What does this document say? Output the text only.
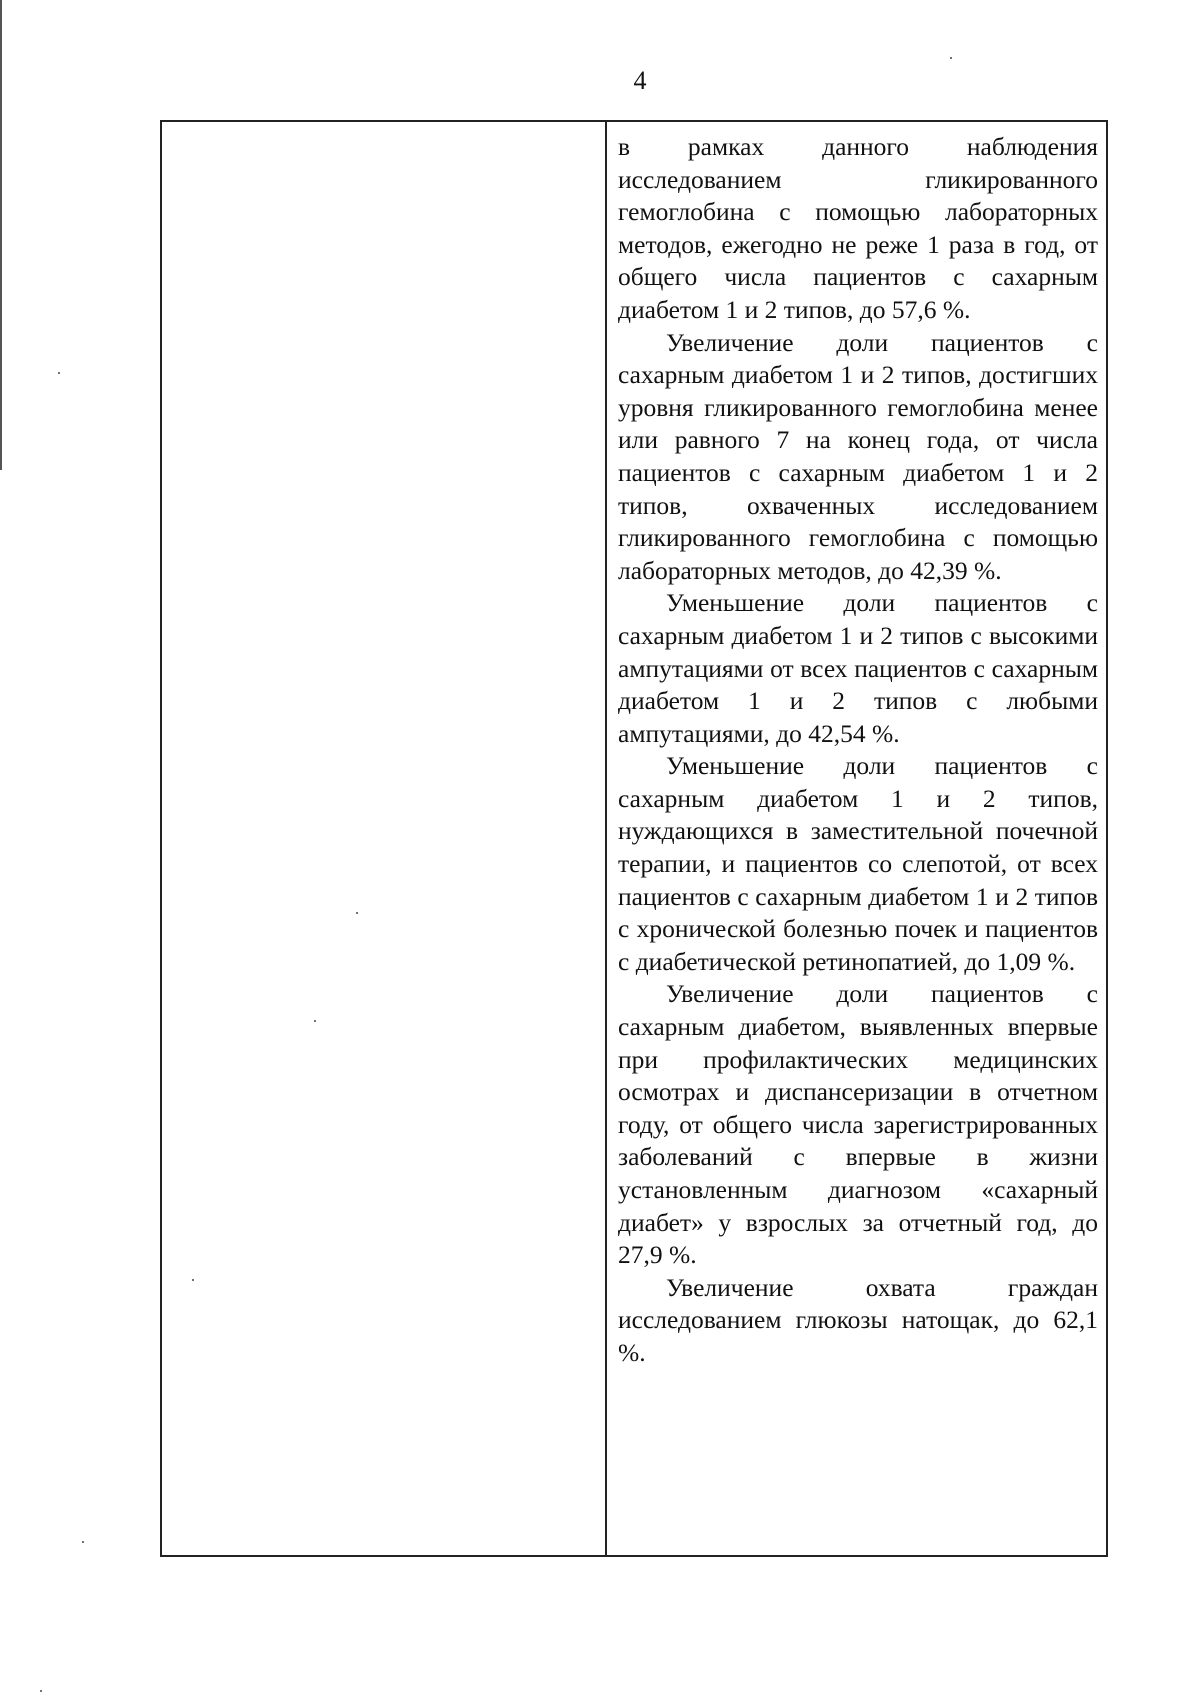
4

в рамках данного наблюдения исследованием гликированного гемоглобина с помощью лабораторных методов, ежегодно не реже 1 раза в год, от общего числа пациентов с сахарным диабетом 1 и 2 типов, до 57,6 %.

Увеличение доли пациентов с сахарным диабетом 1 и 2 типов, достигших уровня гликированного гемоглобина менее или равного 7 на конец года, от числа пациентов с сахарным диабетом 1 и 2 типов, охваченных исследованием гликированного гемоглобина с помощью лабораторных методов, до 42,39 %.

Уменьшение доли пациентов с сахарным диабетом 1 и 2 типов с высокими ампутациями от всех пациентов с сахарным диабетом 1 и 2 типов с любыми ампутациями, до 42,54 %.

Уменьшение доли пациентов с сахарным диабетом 1 и 2 типов, нуждающихся в заместительной почечной терапии, и пациентов со слепотой, от всех пациентов с сахарным диабетом 1 и 2 типов с хронической болезнью почек и пациентов с диабетической ретинопатией, до 1,09 %.

Увеличение доли пациентов с сахарным диабетом, выявленных впервые при профилактических медицинских осмотрах и диспансеризации в отчетном году, от общего числа зарегистрированных заболеваний с впервые в жизни установленным диагнозом «сахарный диабет» у взрослых за отчетный год, до 27,9 %.

Увеличение охвата граждан исследованием глюкозы натощак, до 62,1 %.
